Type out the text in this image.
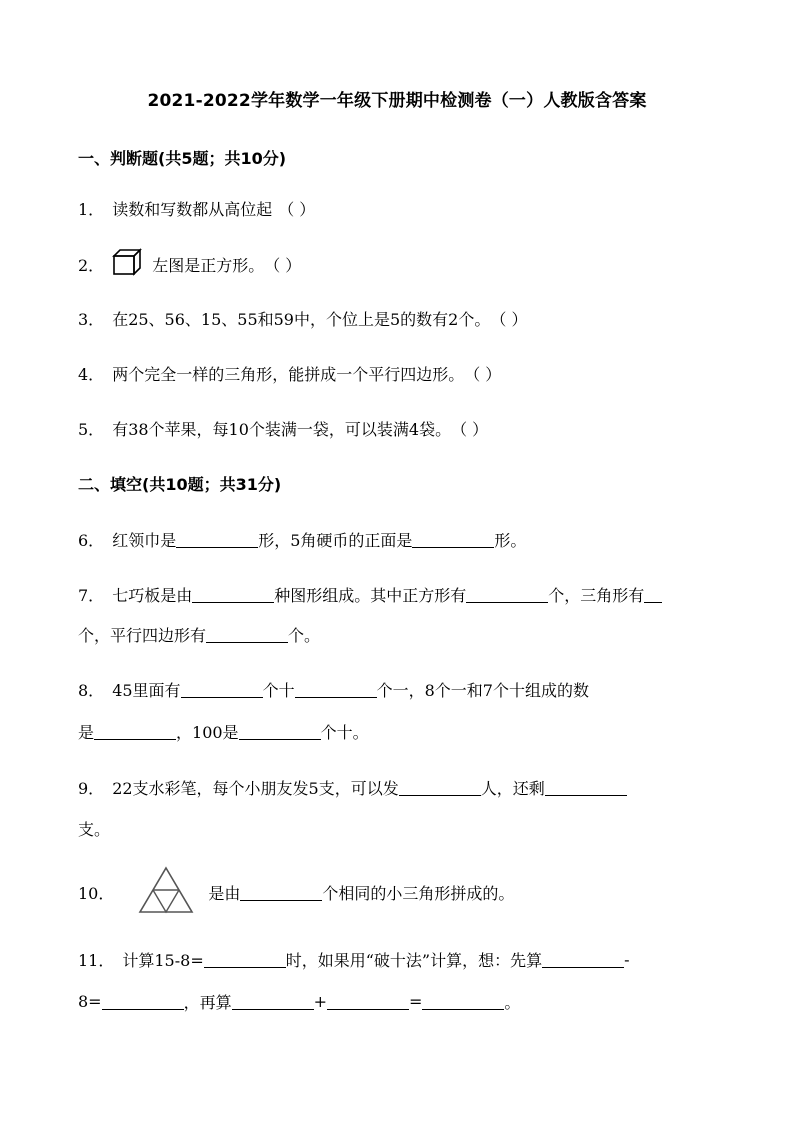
2021-2022学年数学一年级下册期中检测卷（一）人教版含答案
一、判断题(共5题；共10分)
1． 读数和写数都从高位起 （ ）
2．	左图是正方形。 （ ）
3． 在25、56、15、55和59中，个位上是5的数有2个。 （ ）
4． 两个完全一样的三角形，能拼成一个平行四边形。 （ ）
5． 有38个苹果，每10个装满一袋，可以装满4袋。 （ ）
二、填空(共10题；共31分)
6． 红领巾是	形，5角硬币的正面是	形。
7． 七巧板是由	种图形组成。其中正方形有	个，三角形有
个，平行四边形有	个。
8． 45里面有	个十	个一，8个一和7个十组成的数
是	，100是	个十。
9． 22支水彩笔，每个小朋友发5支，可以发	人，还剩
支。
10．	是由	个相同的小三角形拼成的。
11． 计算15-8=	时，如果用“破十法”计算，想：先算	-
8=	，再算	+	=	。
